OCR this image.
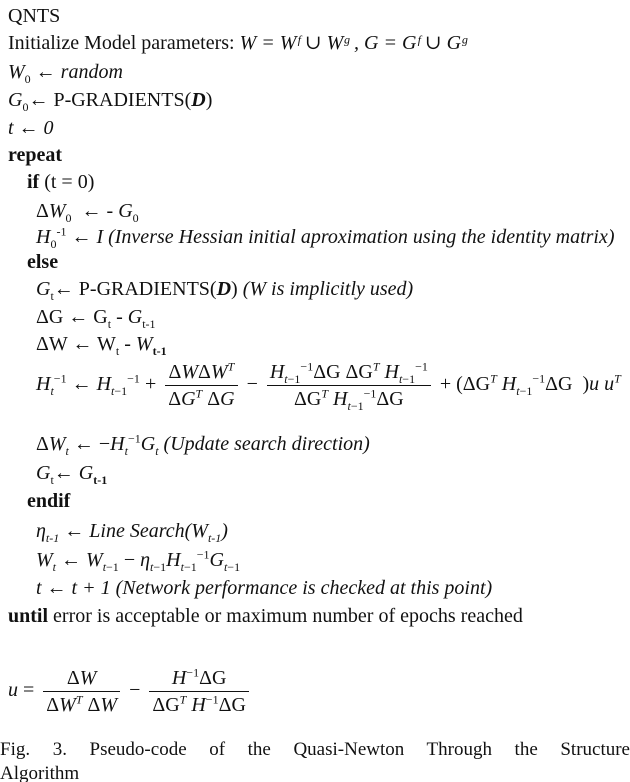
QNTS
Initialize Model parameters: W = Wᶠ ∪ Wᵍ , G = Gᶠ ∪ Gᵍ
$W_0$ ← random
$G_0\leftarrow$ P-GRADIENTS(D)
t ← 0
repeat
if (t = 0)
$\Delta W_0$  ← - $G_0$
$H_0^{-1}$ ← I (Inverse Hessian initial aproximation using the identity matrix)
else
$G_t\leftarrow$ P-GRADIENTS(D) (W is implicitly used)
ΔG ← $G_t - G_{t-1}$
ΔW ← $W_t - W_{t-1}$
$H_t^{-1}$ ← $H_{t-1}^{-1} + \frac{\Delta W\Delta W^T}{\Delta G^T \Delta G} - \frac{H_{t-1}^{-1}\Delta G \Delta G^T H_{t-1}^{-1}}{\Delta G^T H_{t-1}^{-1}\Delta G} + (\Delta G^T$ $H_{t-1}^{-1}\Delta G$  )u $u^T$
$\Delta W_t$ ← $-H_t^{-1}G_t$ (Update search direction)
$G_t\leftarrow$ $G_{t-1}$
endif
$\eta_{t-1}$ ← Line $Search(W_{t-1})$
$W_t$ ← $W_{t-1} - \eta_{t-1}H_{t-1}^{-1}G_{t-1}$
t ← t + 1 (Network performance is checked at this point)
until error is acceptable or maximum number of epochs reached
$u = \frac{\Delta W}{\Delta W^T \Delta W} - \frac{H^{-1}\Delta G}{\Delta G^T H^{-1}\Delta G}$
Fig. 3. Pseudo-code of the Quasi-Newton Through the Structure
Algorithm
